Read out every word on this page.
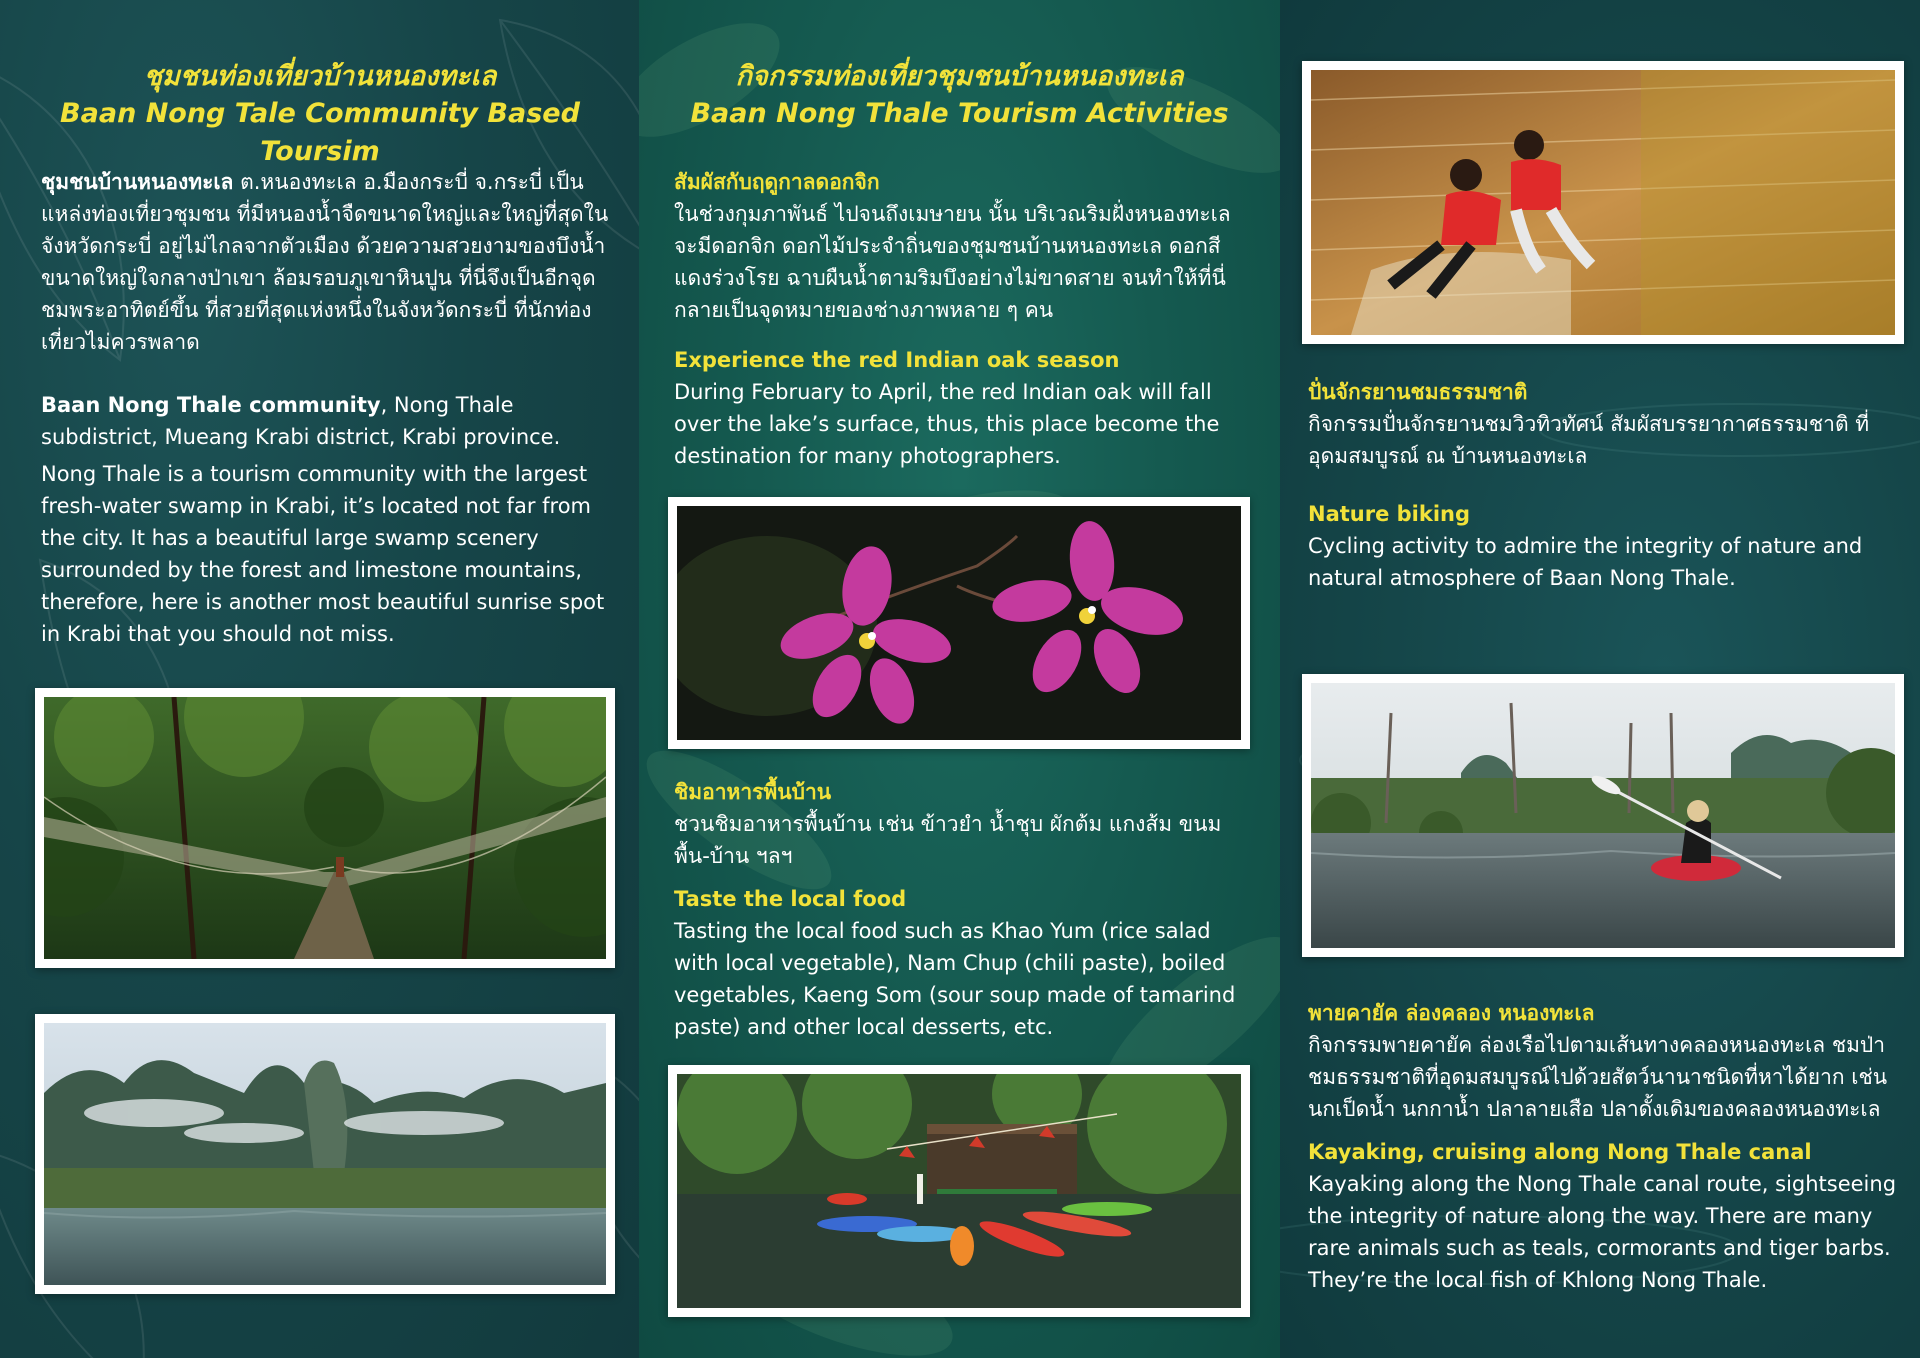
ชุมชนท่องเที่ยวบ้านหนองทะเล
Baan Nong Tale Community Based Toursim
ชุมชนบ้านหนองทะเล ต.หนองทะเล อ.มืองกระบี่ จ.กระบี่ เป็นแหล่งท่องเที่ยวชุมชน ที่มีหนองน้ำจืดขนาดใหญ่และใหญ่ที่สุดในจังหวัดกระบี่ อยู่ไม่ไกลจากตัวเมือง ด้วยความสวยงามของบึงน้ำขนาดใหญ่ใจกลางป่าเขา ล้อมรอบภูเขาหินปูน ที่นี่จึงเป็นอีกจุดชมพระอาทิตย์ขึ้น ที่สวยที่สุดแห่งหนึ่งในจังหวัดกระบี่ ที่นักท่องเที่ยวไม่ควรพลาด
Baan Nong Thale community, Nong Thale subdistrict, Mueang Krabi district, Krabi province.
Nong Thale is a tourism community with the largest fresh-water swamp in Krabi, it’s located not far from the city. It has a beautiful large swamp scenery surrounded by the forest and limestone mountains, therefore, here is another most beautiful sunrise spot in Krabi that you should not miss.
กิจกรรมท่องเที่ยวชุมชนบ้านหนองทะเล
Baan Nong Thale Tourism Activities
สัมผัสกับฤดูกาลดอกจิก
ในช่วงกุมภาพันธ์ ไปจนถึงเมษายน นั้น บริเวณริมฝั่งหนองทะเลจะมีดอกจิก ดอกไม้ประจำถิ่นของชุมชนบ้านหนองทะเล ดอกสีแดงร่วงโรย ฉาบผืนน้ำตามริมบึงอย่างไม่ขาดสาย จนทำให้ที่นี่กลายเป็นจุดหมายของช่างภาพหลาย ๆ คน
Experience the red Indian oak season
During February to April, the red Indian oak will fall over the lake’s surface, thus, this place become the destination for many photographers.
ชิมอาหารพื้นบ้าน
ชวนชิมอาหารพื้นบ้าน เช่น ข้าวยำ น้ำชุบ ผักต้ม แกงส้ม ขนมพื้น-บ้าน ฯลฯ
Taste the local food
Tasting the local food such as Khao Yum (rice salad with local vegetable), Nam Chup (chili paste), boiled vegetables, Kaeng Som (sour soup made of tamarind paste) and other local desserts, etc.
ปั่นจักรยานชมธรรมชาติ
กิจกรรมปั่นจักรยานชมวิวทิวทัศน์ สัมผัสบรรยากาศธรรมชาติ ที่อุดมสมบูรณ์ ณ บ้านหนองทะเล
Nature biking
Cycling activity to admire the integrity of nature and natural atmosphere of Baan Nong Thale.
พายคายัค ล่องคลอง หนองทะเล
กิจกรรมพายคายัค ล่องเรือไปตามเส้นทางคลองหนองทะเล ชมป่าชมธรรมชาติที่อุดมสมบูรณ์ไปด้วยสัตว์นานาชนิดที่หาได้ยาก เช่น นกเป็ดน้ำ นกกาน้ำ ปลาลายเสือ ปลาดั้งเดิมของคลองหนองทะเล
Kayaking, cruising along Nong Thale canal
Kayaking along the Nong Thale canal route, sightseeing the integrity of nature along the way. There are many rare animals such as teals, cormorants and tiger barbs. They’re the local fish of Khlong Nong Thale.
